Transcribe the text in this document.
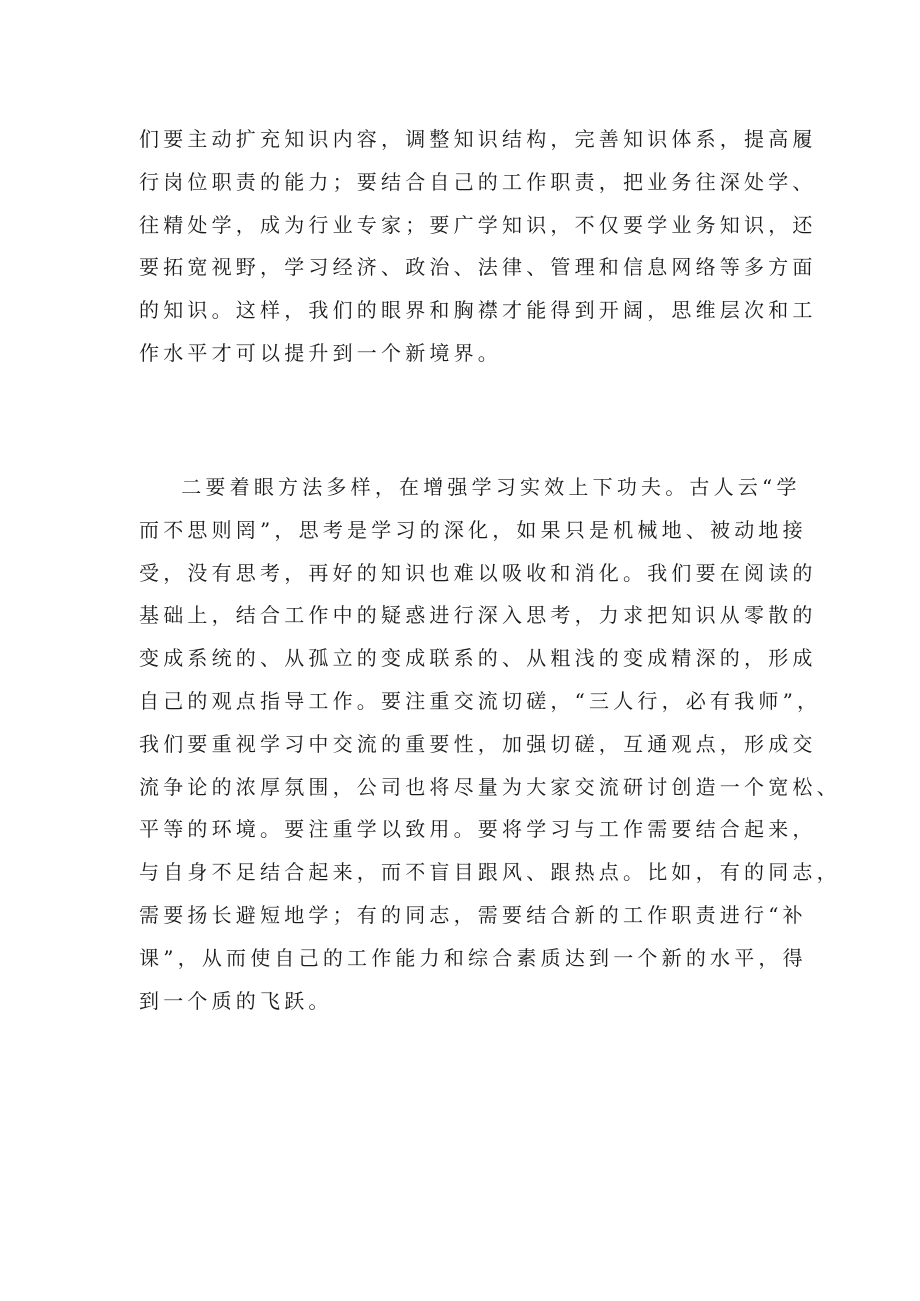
们要主动扩充知识内容，调整知识结构，完善知识体系，提高履
行岗位职责的能力；要结合自己的工作职责，把业务往深处学、
往精处学，成为行业专家；要广学知识，不仅要学业务知识，还
要拓宽视野，学习经济、政治、法律、管理和信息网络等多方面
的知识。这样，我们的眼界和胸襟才能得到开阔，思维层次和工
作水平才可以提升到一个新境界。
二要着眼方法多样，在增强学习实效上下功夫。古人云“学
而不思则罔”，思考是学习的深化，如果只是机械地、被动地接
受，没有思考，再好的知识也难以吸收和消化。我们要在阅读的
基础上，结合工作中的疑惑进行深入思考，力求把知识从零散的
变成系统的、从孤立的变成联系的、从粗浅的变成精深的，形成
自己的观点指导工作。要注重交流切磋，“三人行，必有我师”，
我们要重视学习中交流的重要性，加强切磋，互通观点，形成交
流争论的浓厚氛围，公司也将尽量为大家交流研讨创造一个宽松、
平等的环境。要注重学以致用。要将学习与工作需要结合起来，
与自身不足结合起来，而不盲目跟风、跟热点。比如，有的同志，
需要扬长避短地学；有的同志，需要结合新的工作职责进行“补
课”，从而使自己的工作能力和综合素质达到一个新的水平，得
到一个质的飞跃。
